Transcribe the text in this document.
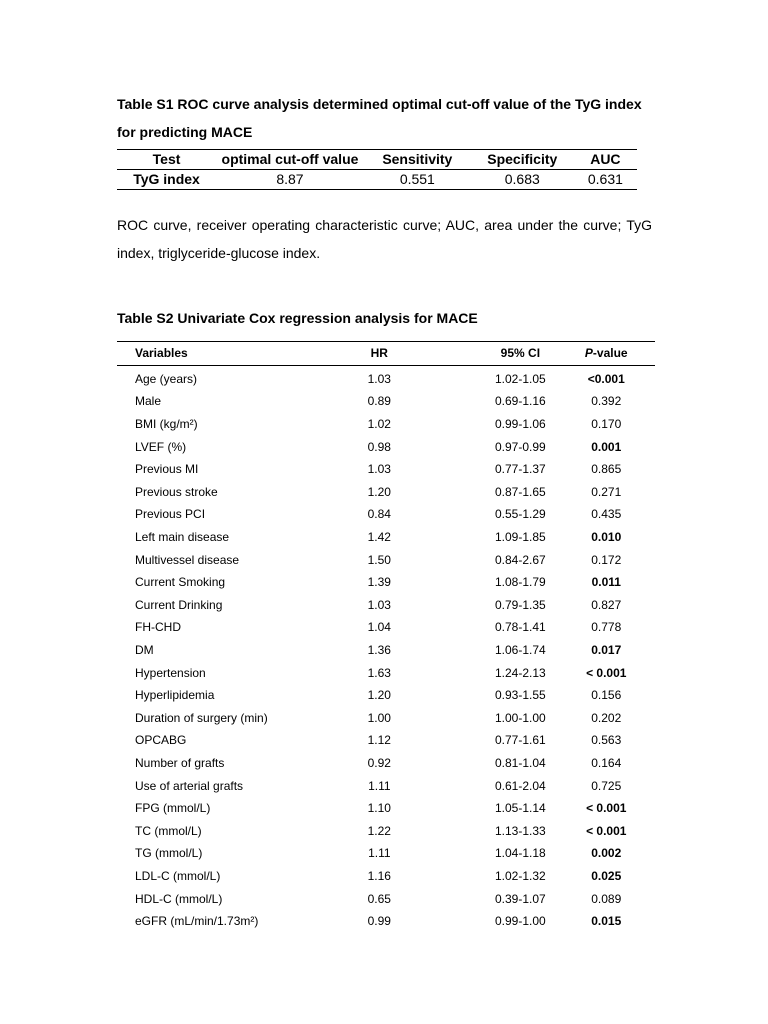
Table S1 ROC curve analysis determined optimal cut-off value of the TyG index for predicting MACE
Test	optimal cut-off value	Sensitivity	Specificity	AUC
TyG index	8.87	0.551	0.683	0.631
ROC curve, receiver operating characteristic curve; AUC, area under the curve; TyG index, triglyceride-glucose index.
Table S2 Univariate Cox regression analysis for MACE
Variables	HR	95% CI	P-value
Age (years)	1.03	1.02-1.05	<0.001
Male	0.89	0.69-1.16	0.392
BMI (kg/m²)	1.02	0.99-1.06	0.170
LVEF (%)	0.98	0.97-0.99	0.001
Previous MI	1.03	0.77-1.37	0.865
Previous stroke	1.20	0.87-1.65	0.271
Previous PCI	0.84	0.55-1.29	0.435
Left main disease	1.42	1.09-1.85	0.010
Multivessel disease	1.50	0.84-2.67	0.172
Current Smoking	1.39	1.08-1.79	0.011
Current Drinking	1.03	0.79-1.35	0.827
FH-CHD	1.04	0.78-1.41	0.778
DM	1.36	1.06-1.74	0.017
Hypertension	1.63	1.24-2.13	< 0.001
Hyperlipidemia	1.20	0.93-1.55	0.156
Duration of surgery (min)	1.00	1.00-1.00	0.202
OPCABG	1.12	0.77-1.61	0.563
Number of grafts	0.92	0.81-1.04	0.164
Use of arterial grafts	1.11	0.61-2.04	0.725
FPG (mmol/L)	1.10	1.05-1.14	< 0.001
TC (mmol/L)	1.22	1.13-1.33	< 0.001
TG (mmol/L)	1.11	1.04-1.18	0.002
LDL-C (mmol/L)	1.16	1.02-1.32	0.025
HDL-C (mmol/L)	0.65	0.39-1.07	0.089
eGFR (mL/min/1.73m²)	0.99	0.99-1.00	0.015
